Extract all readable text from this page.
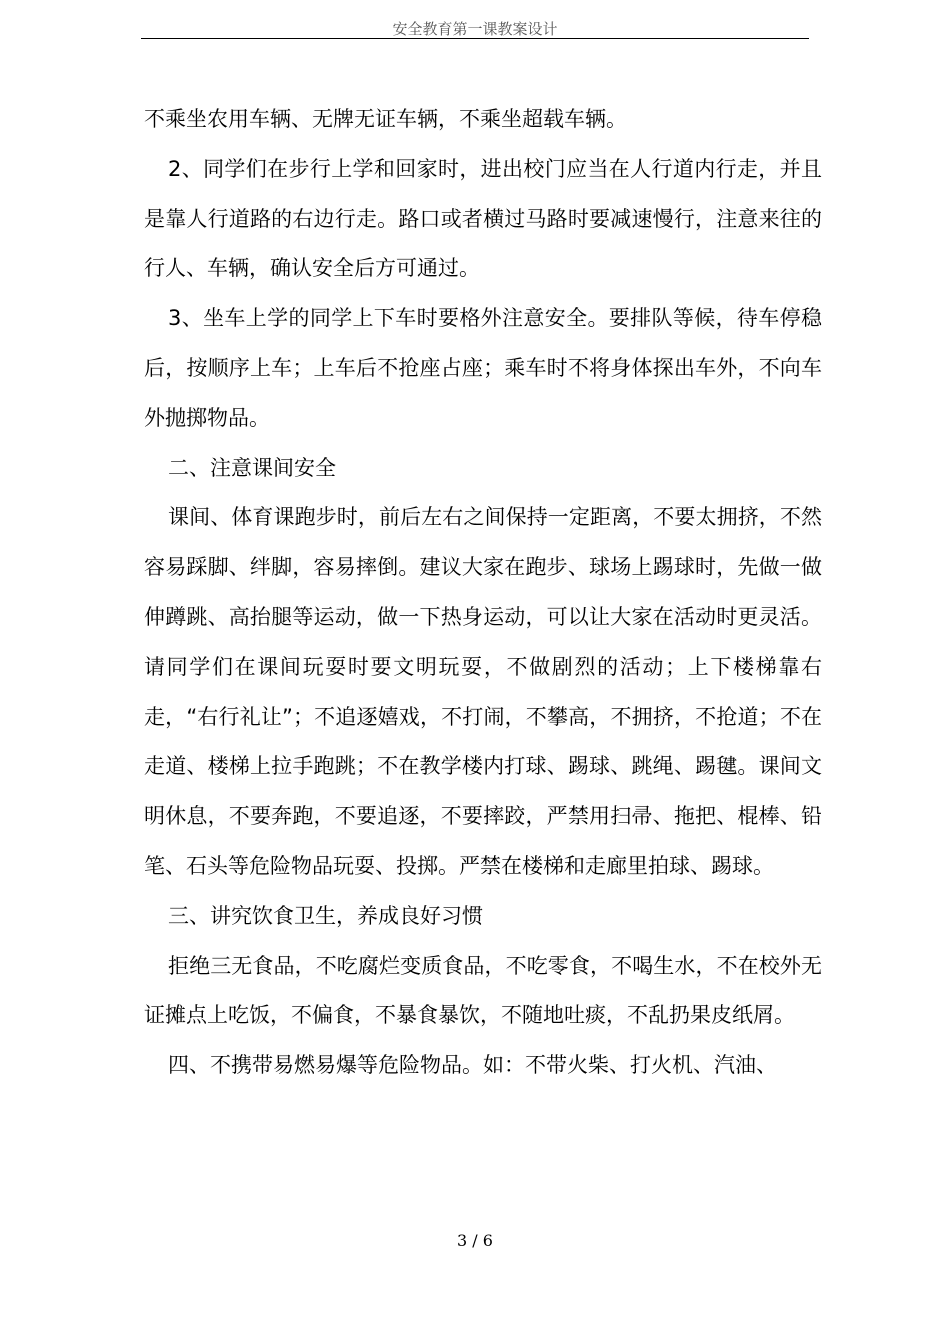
安全教育第一课教案设计

不乘坐农用车辆、无牌无证车辆，不乘坐超载车辆。

2、同学们在步行上学和回家时，进出校门应当在人行道内行走，并且是靠人行道路的右边行走。路口或者横过马路时要减速慢行，注意来往的行人、车辆，确认安全后方可通过。

3、坐车上学的同学上下车时要格外注意安全。要排队等候，待车停稳后，按顺序上车；上车后不抢座占座；乘车时不将身体探出车外，不向车外抛掷物品。

二、注意课间安全

课间、体育课跑步时，前后左右之间保持一定距离，不要太拥挤，不然容易踩脚、绊脚，容易摔倒。建议大家在跑步、球场上踢球时，先做一做伸蹲跳、高抬腿等运动，做一下热身运动，可以让大家在活动时更灵活。请同学们在课间玩耍时要文明玩耍，不做剧烈的活动；上下楼梯靠右走，“右行礼让”；不追逐嬉戏，不打闹，不攀高，不拥挤，不抢道；不在走道、楼梯上拉手跑跳；不在教学楼内打球、踢球、跳绳、踢毽。课间文明休息，不要奔跑，不要追逐，不要摔跤，严禁用扫帚、拖把、棍棒、铅笔、石头等危险物品玩耍、投掷。严禁在楼梯和走廊里拍球、踢球。

三、讲究饮食卫生，养成良好习惯

拒绝三无食品，不吃腐烂变质食品，不吃零食，不喝生水，不在校外无证摊点上吃饭，不偏食，不暴食暴饮，不随地吐痰，不乱扔果皮纸屑。

四、不携带易燃易爆等危险物品。如：不带火柴、打火机、汽油、

3 / 6
